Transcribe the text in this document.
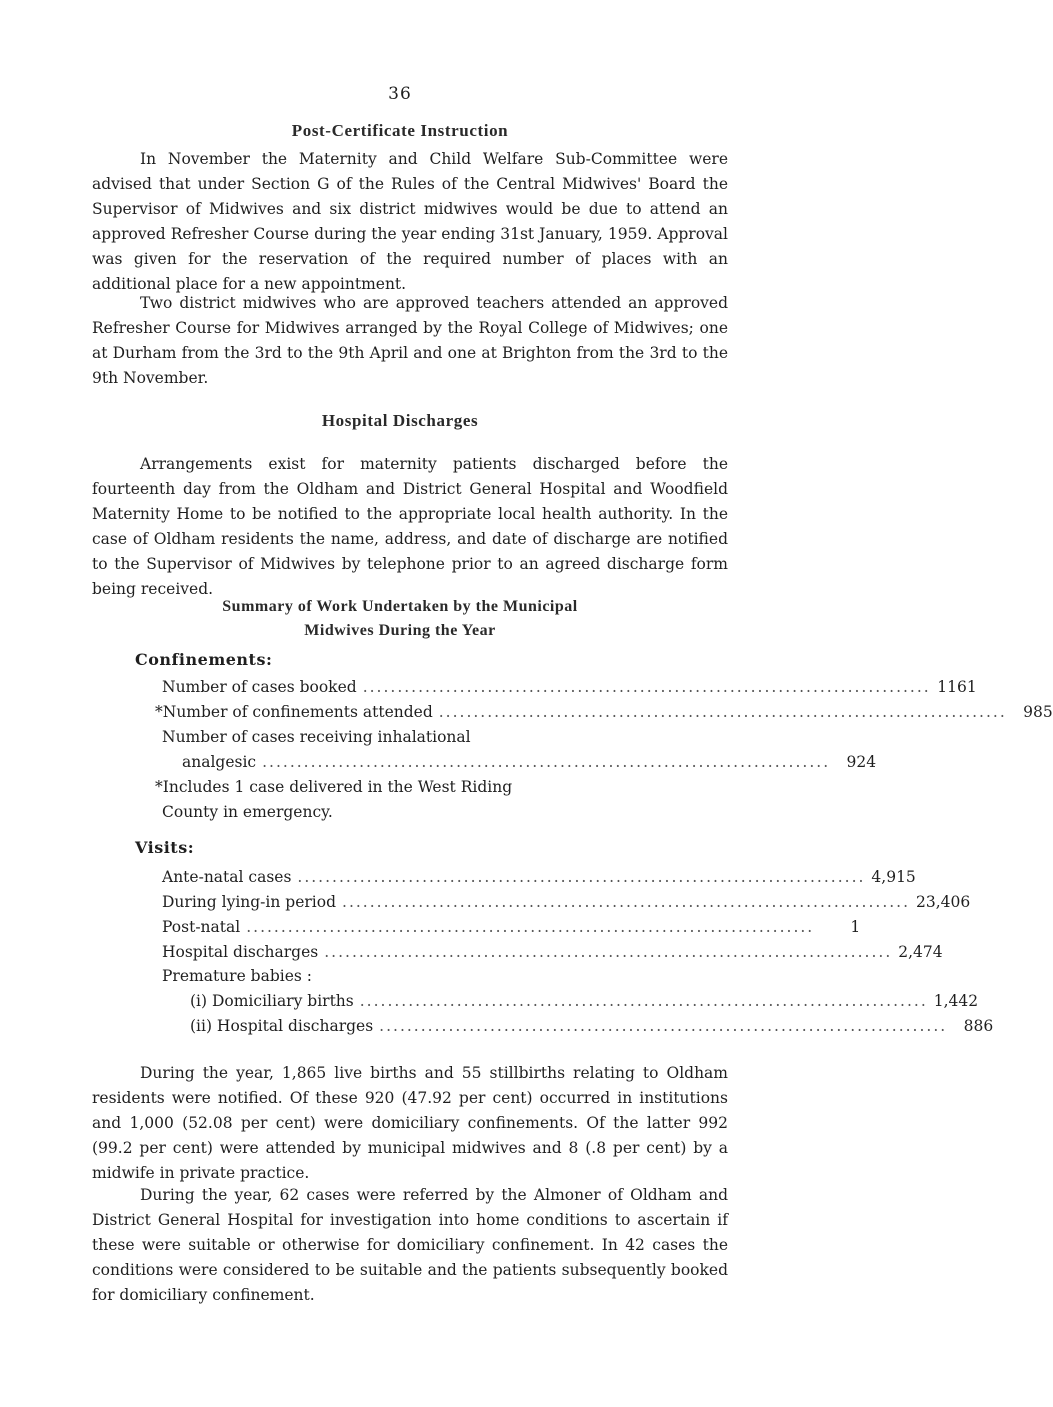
36
Post-Certificate Instruction

In November the Maternity and Child Welfare Sub-Committee were advised that under Section G of the Rules of the Central Midwives' Board the Supervisor of Midwives and six district midwives would be due to attend an approved Refresher Course during the year ending 31st January, 1959. Approval was given for the reservation of the required number of places with an additional place for a new appointment.

Two district midwives who are approved teachers attended an approved Refresher Course for Midwives arranged by the Royal College of Midwives; one at Durham from the 3rd to the 9th April and one at Brighton from the 3rd to the 9th November.

Hospital Discharges

Arrangements exist for maternity patients discharged before the fourteenth day from the Oldham and District General Hospital and Woodfield Maternity Home to be notified to the appropriate local health authority. In the case of Oldham residents the name, address, and date of discharge are notified to the Supervisor of Midwives by telephone prior to an agreed discharge form being received.

Summary of Work Undertaken by the Municipal
Midwives During the Year
Confinements:
Number of cases booked .................................................................................. 1161
*Number of confinements attended ..................................................................................	985
Number of cases receiving inhalational
analgesic ..................................................................................	924
*Includes 1 case delivered in the West Riding
County in emergency.
Visits:
Ante-natal cases .................................................................................. 4,915
During lying-in period .................................................................................. 23,406
Post-natal ..................................................................................	1
Hospital discharges .................................................................................. 2,474
Premature babies :
(i) Domiciliary births .................................................................................. 1,442
(ii) Hospital discharges ..................................................................................	886

During the year, 1,865 live births and 55 stillbirths relating to Oldham residents were notified. Of these 920 (47.92 per cent) occurred in institutions and 1,000 (52.08 per cent) were domiciliary confinements. Of the latter 992 (99.2 per cent) were attended by municipal midwives and 8 (.8 per cent) by a midwife in private practice.

During the year, 62 cases were referred by the Almoner of Oldham and District General Hospital for investigation into home conditions to ascertain if these were suitable or otherwise for domiciliary confinement. In 42 cases the conditions were considered to be suitable and the patients subsequently booked for domiciliary confinement.
